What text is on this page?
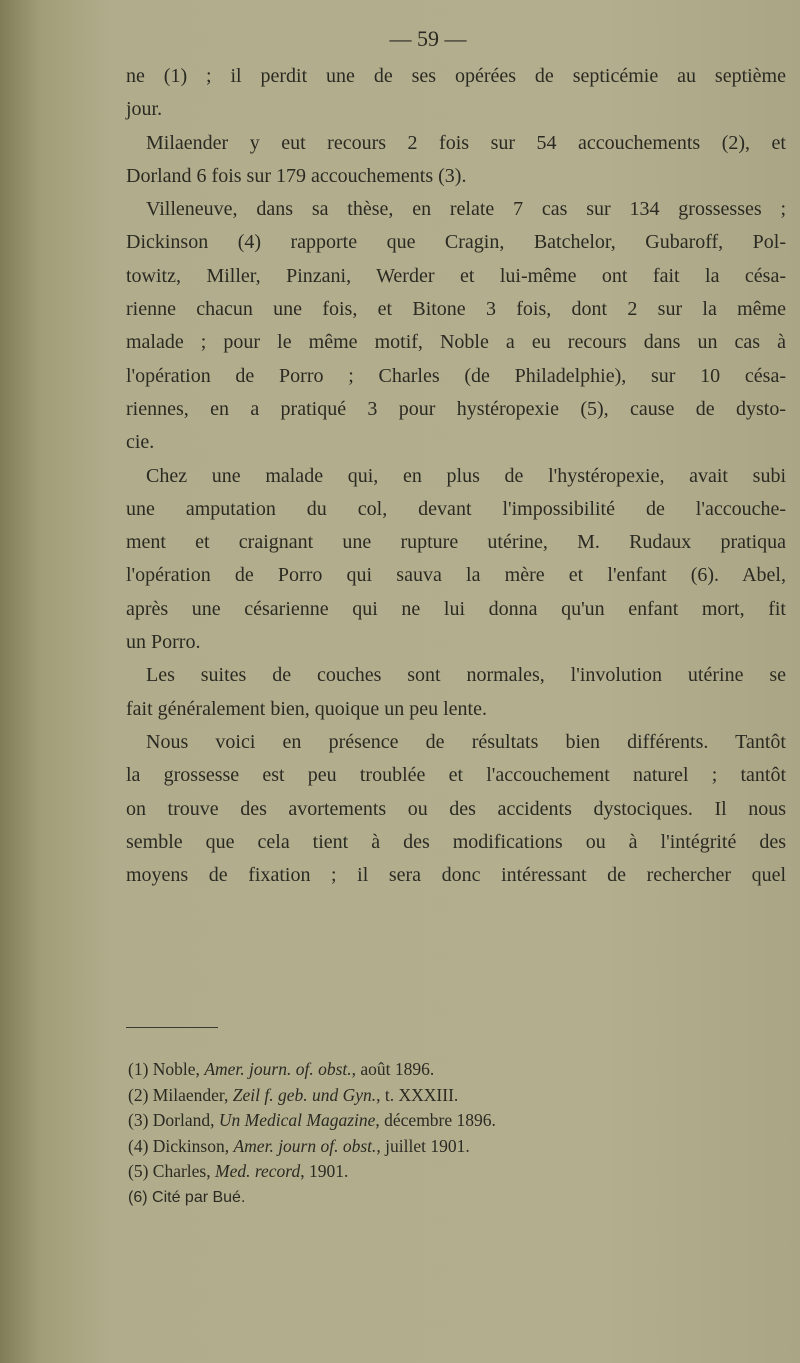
— 59 —
ne (1) ; il perdit une de ses opérées de septicémie au septième
jour.
Milaender y eut recours 2 fois sur 54 accouchements (2), et
Dorland 6 fois sur 179 accouchements (3).
Villeneuve, dans sa thèse, en relate 7 cas sur 134 grossesses ;
Dickinson (4) rapporte que Cragin, Batchelor, Gubaroff, Pol-
towitz, Miller, Pinzani, Werder et lui-même ont fait la césa-
rienne chacun une fois, et Bitone 3 fois, dont 2 sur la même
malade ; pour le même motif, Noble a eu recours dans un cas à
l'opération de Porro ; Charles (de Philadelphie), sur 10 césa-
riennes, en a pratiqué 3 pour hystéropexie (5), cause de dysto-
cie.
Chez une malade qui, en plus de l'hystéropexie, avait subi
une amputation du col, devant l'impossibilité de l'accouche-
ment et craignant une rupture utérine, M. Rudaux pratiqua
l'opération de Porro qui sauva la mère et l'enfant (6). Abel,
après une césarienne qui ne lui donna qu'un enfant mort, fit
un Porro.
Les suites de couches sont normales, l'involution utérine se
fait généralement bien, quoique un peu lente.
Nous voici en présence de résultats bien différents. Tantôt
la grossesse est peu troublée et l'accouchement naturel ; tantôt
on trouve des avortements ou des accidents dystociques. Il nous
semble que cela tient à des modifications ou à l'intégrité des
moyens de fixation ; il sera donc intéressant de rechercher quel
(1) Noble, Amer. journ. of. obst., août 1896.
(2) Milaender, Zeil f. geb. und Gyn., t. XXXIII.
(3) Dorland, Un Medical Magazine, décembre 1896.
(4) Dickinson, Amer. journ of. obst., juillet 1901.
(5) Charles, Med. record, 1901.
(6) Cité par Bué.
